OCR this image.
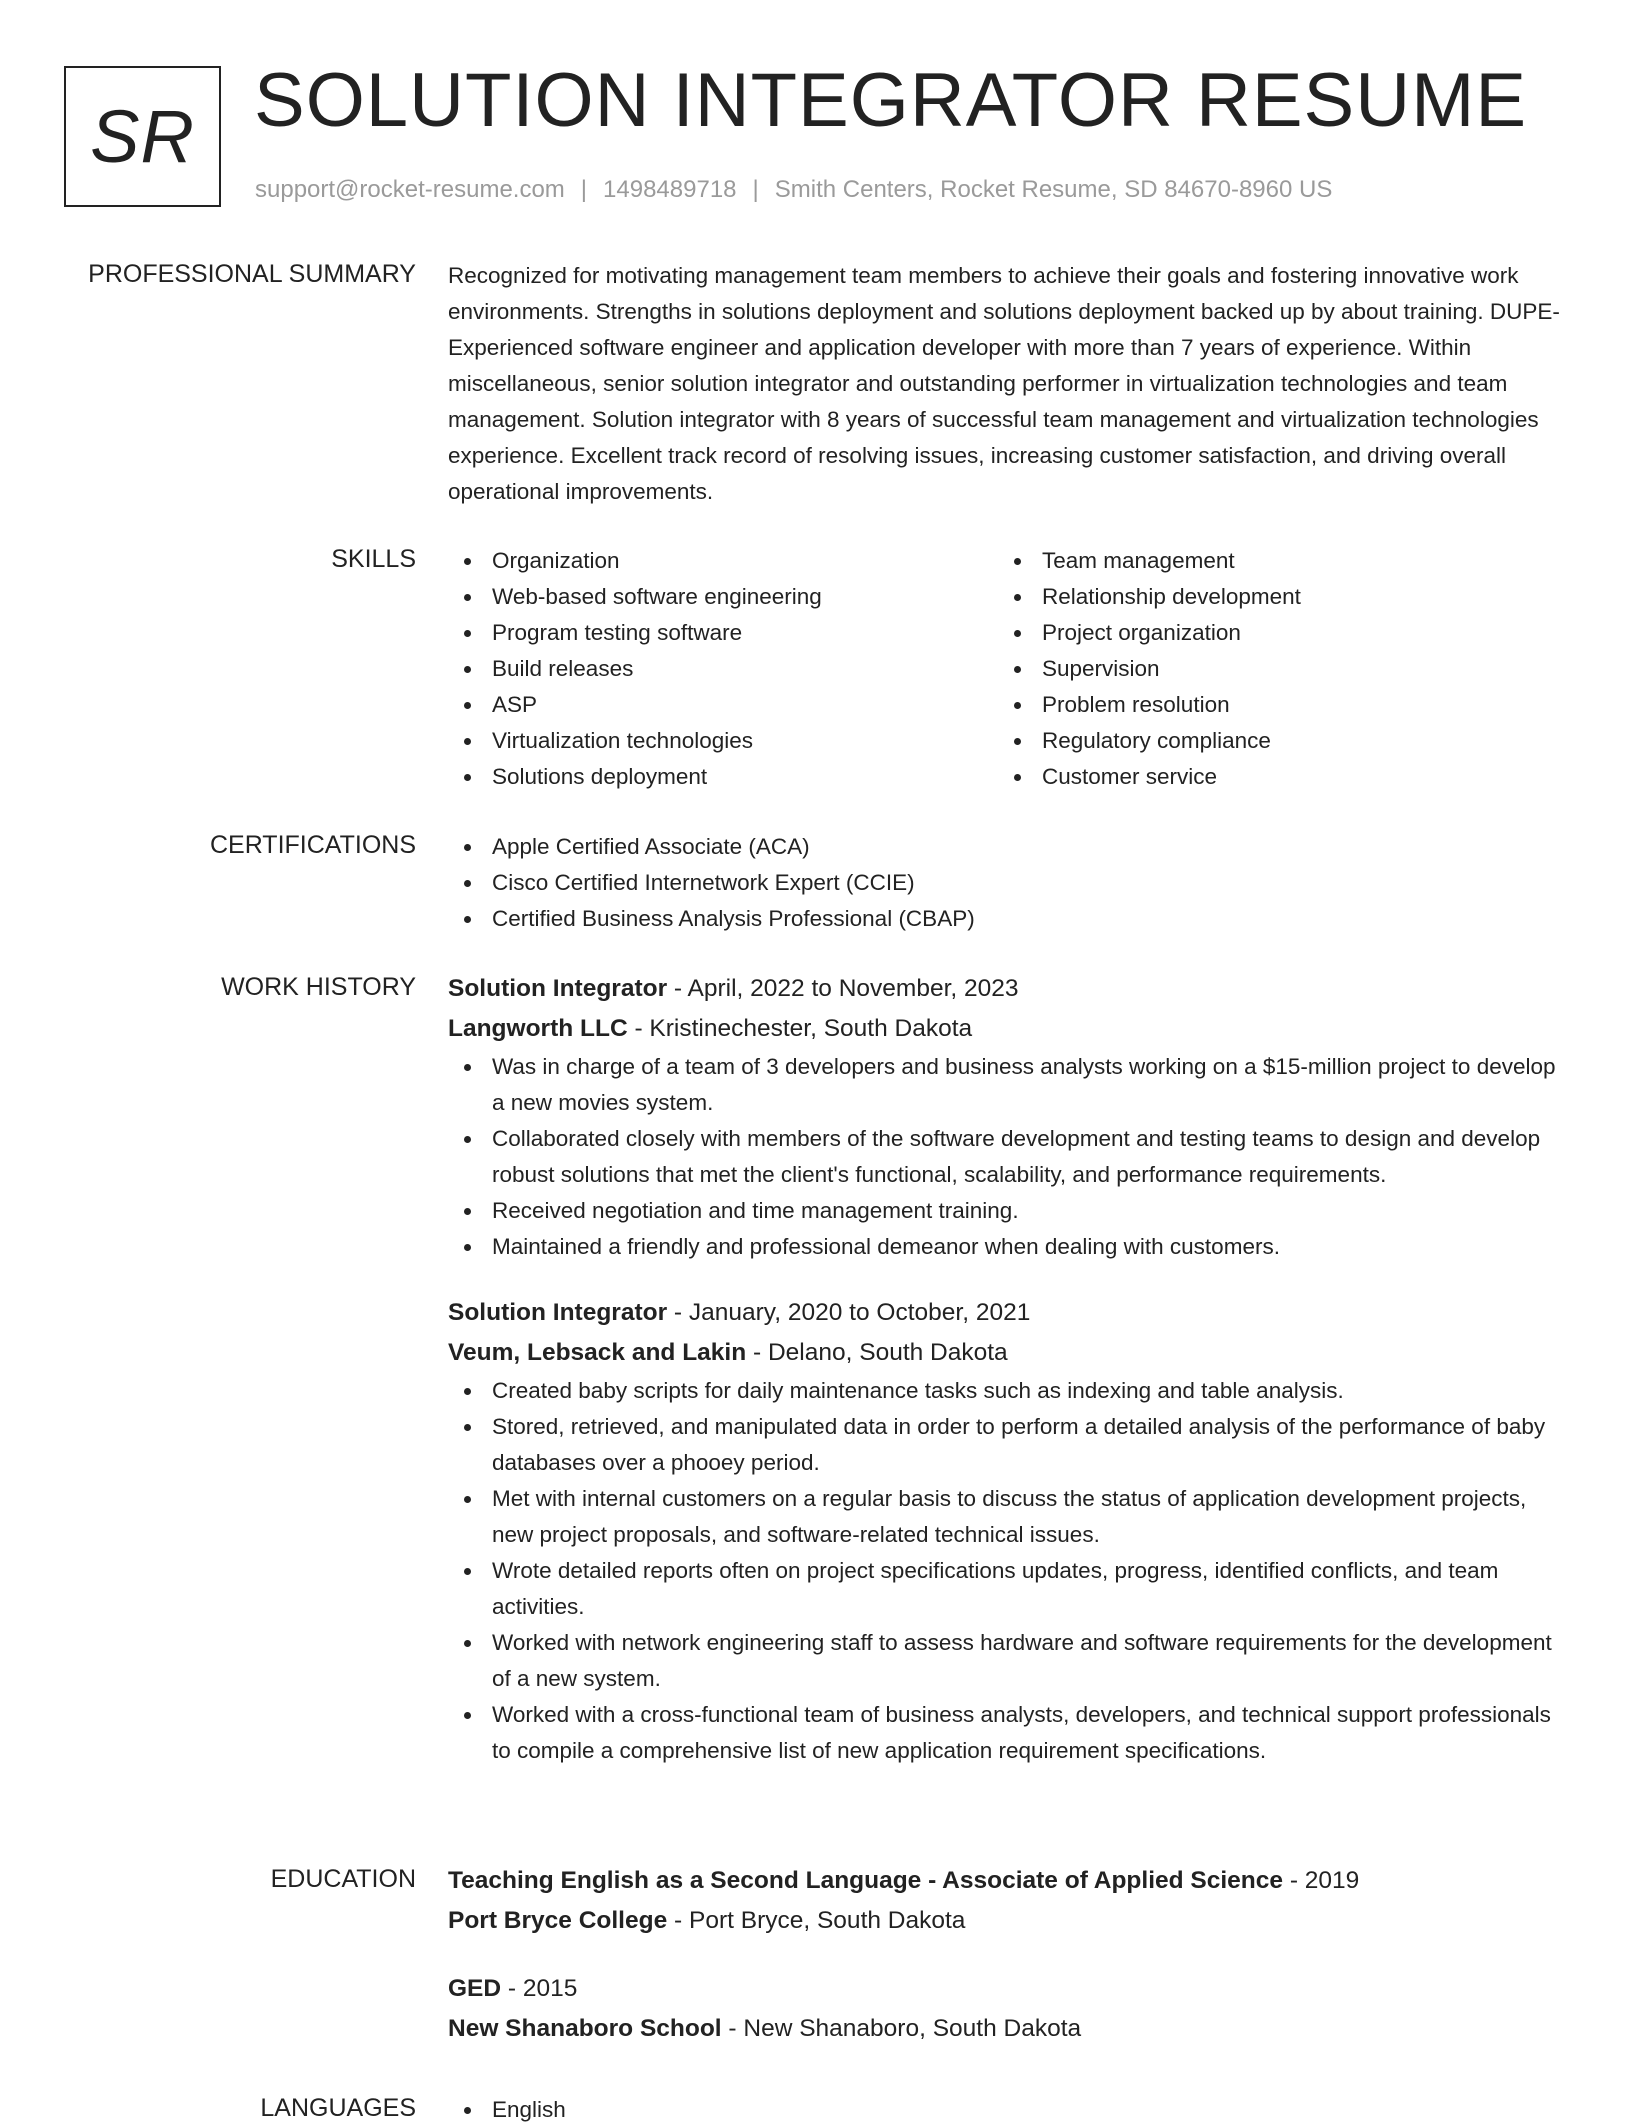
SR SOLUTION INTEGRATOR RESUME
support@rocket-resume.com | 1498489718 | Smith Centers, Rocket Resume, SD 84670-8960 US
PROFESSIONAL SUMMARY Recognized for motivating management team members to achieve their goals and fostering innovative work environments. Strengths in solutions deployment and solutions deployment backed up by about training. DUPE- Experienced software engineer and application developer with more than 7 years of experience. Within miscellaneous, senior solution integrator and outstanding performer in virtualization technologies and team management. Solution integrator with 8 years of successful team management and virtualization technologies experience. Excellent track record of resolving issues, increasing customer satisfaction, and driving overall operational improvements.

SKILLS	Organization
Web-based software engineering
Program testing software
Build releases
ASP
Virtualization technologies
Solutions deployment
Team management
Relationship development
Project organization
Supervision
Problem resolution
Regulatory compliance
Customer service
CERTIFICATIONS	Apple Certified Associate (ACA)
Cisco Certified Internetwork Expert (CCIE)
Certified Business Analysis Professional (CBAP)
WORK HISTORY Solution Integrator - April, 2022 to November, 2023
Langworth LLC - Kristinechester, South Dakota
Was in charge of a team of 3 developers and business analysts working on a $15-million project to develop a new movies system.
Collaborated closely with members of the software development and testing teams to design and develop robust solutions that met the client's functional, scalability, and performance requirements.
Received negotiation and time management training.
Maintained a friendly and professional demeanor when dealing with customers.
Solution Integrator - January, 2020 to October, 2021
Veum, Lebsack and Lakin - Delano, South Dakota
Created baby scripts for daily maintenance tasks such as indexing and table analysis.
Stored, retrieved, and manipulated data in order to perform a detailed analysis of the performance of baby databases over a phooey period.
Met with internal customers on a regular basis to discuss the status of application development projects, new project proposals, and software-related technical issues.
Wrote detailed reports often on project specifications updates, progress, identified conflicts, and team activities.
Worked with network engineering staff to assess hardware and software requirements for the development of a new system.
Worked with a cross-functional team of business analysts, developers, and technical support professionals to compile a comprehensive list of new application requirement specifications.
EDUCATION Teaching English as a Second Language - Associate of Applied Science - 2019
Port Bryce College - Port Bryce, South Dakota
GED - 2015
New Shanaboro School - New Shanaboro, South Dakota
LANGUAGES	English
